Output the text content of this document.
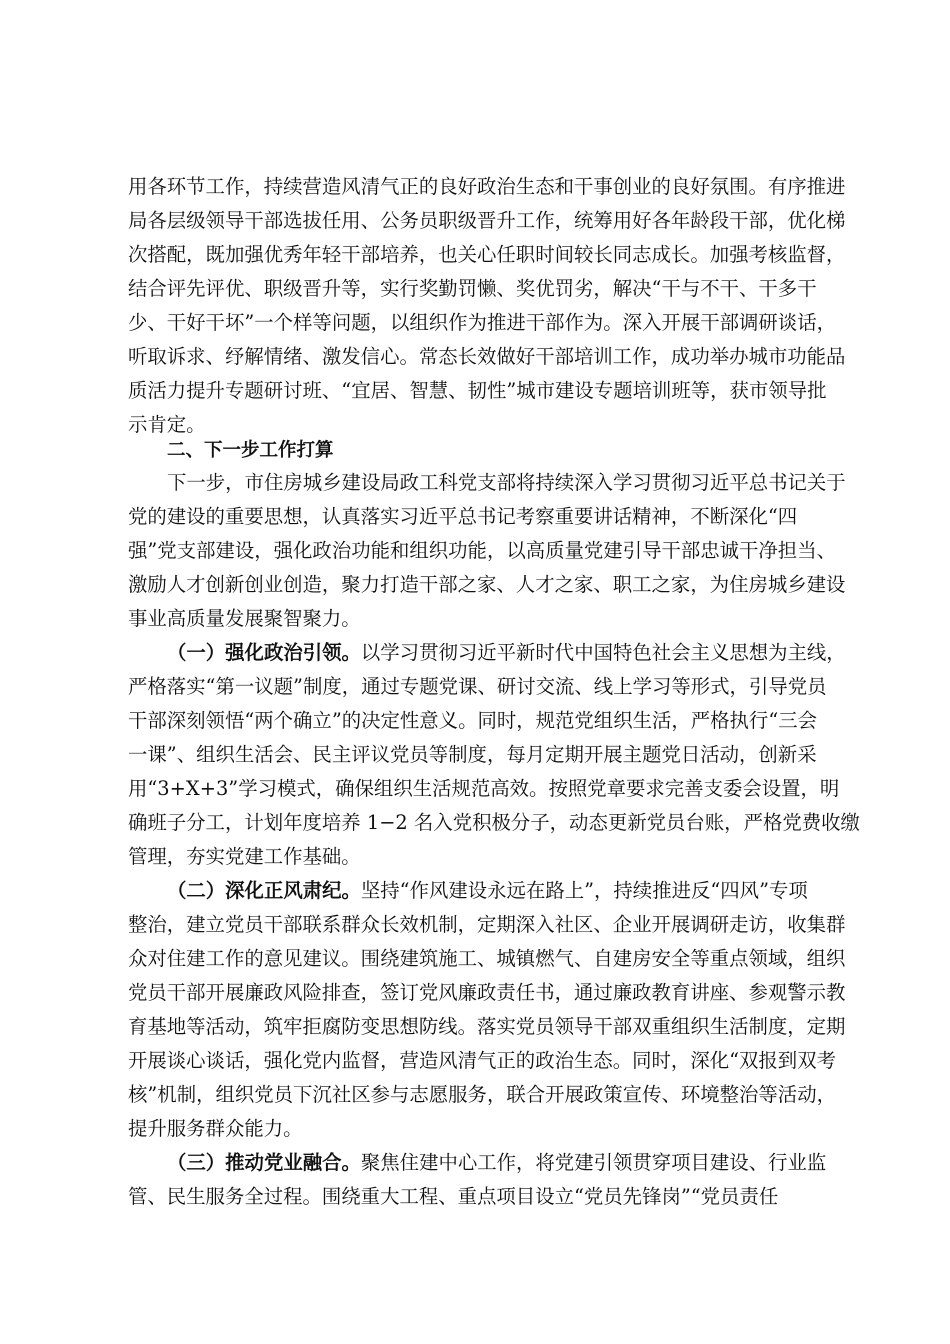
用各环节工作，持续营造风清气正的良好政治生态和干事创业的良好氛围。有序推进
局各层级领导干部选拔任用、公务员职级晋升工作，统筹用好各年龄段干部，优化梯
次搭配，既加强优秀年轻干部培养，也关心任职时间较长同志成长。加强考核监督，
结合评先评优、职级晋升等，实行奖勤罚懒、奖优罚劣，解决“干与不干、干多干
少、干好干坏”一个样等问题，以组织作为推进干部作为。深入开展干部调研谈话，
听取诉求、纾解情绪、激发信心。常态长效做好干部培训工作，成功举办城市功能品
质活力提升专题研讨班、“宜居、智慧、韧性”城市建设专题培训班等，获市领导批
示肯定。
二、下一步工作打算
下一步，市住房城乡建设局政工科党支部将持续深入学习贯彻习近平总书记关于
党的建设的重要思想，认真落实习近平总书记考察重要讲话精神，不断深化“四
强”党支部建设，强化政治功能和组织功能，以高质量党建引导干部忠诚干净担当、
激励人才创新创业创造，聚力打造干部之家、人才之家、职工之家，为住房城乡建设
事业高质量发展聚智聚力。
（一）强化政治引领。以学习贯彻习近平新时代中国特色社会主义思想为主线，
严格落实“第一议题”制度，通过专题党课、研讨交流、线上学习等形式，引导党员
干部深刻领悟“两个确立”的决定性意义。同时，规范党组织生活，严格执行“三会
一课”、组织生活会、民主评议党员等制度，每月定期开展主题党日活动，创新采
用“3+X+3”学习模式，确保组织生活规范高效。按照党章要求完善支委会设置，明
确班子分工，计划年度培养 1−2 名入党积极分子，动态更新党员台账，严格党费收缴
管理，夯实党建工作基础。
（二）深化正风肃纪。坚持“作风建设永远在路上”，持续推进反“四风”专项
整治，建立党员干部联系群众长效机制，定期深入社区、企业开展调研走访，收集群
众对住建工作的意见建议。围绕建筑施工、城镇燃气、自建房安全等重点领域，组织
党员干部开展廉政风险排查，签订党风廉政责任书，通过廉政教育讲座、参观警示教
育基地等活动，筑牢拒腐防变思想防线。落实党员领导干部双重组织生活制度，定期
开展谈心谈话，强化党内监督，营造风清气正的政治生态。同时，深化“双报到双考
核”机制，组织党员下沉社区参与志愿服务，联合开展政策宣传、环境整治等活动，
提升服务群众能力。
（三）推动党业融合。聚焦住建中心工作，将党建引领贯穿项目建设、行业监
管、民生服务全过程。围绕重大工程、重点项目设立“党员先锋岗”“党员责任
